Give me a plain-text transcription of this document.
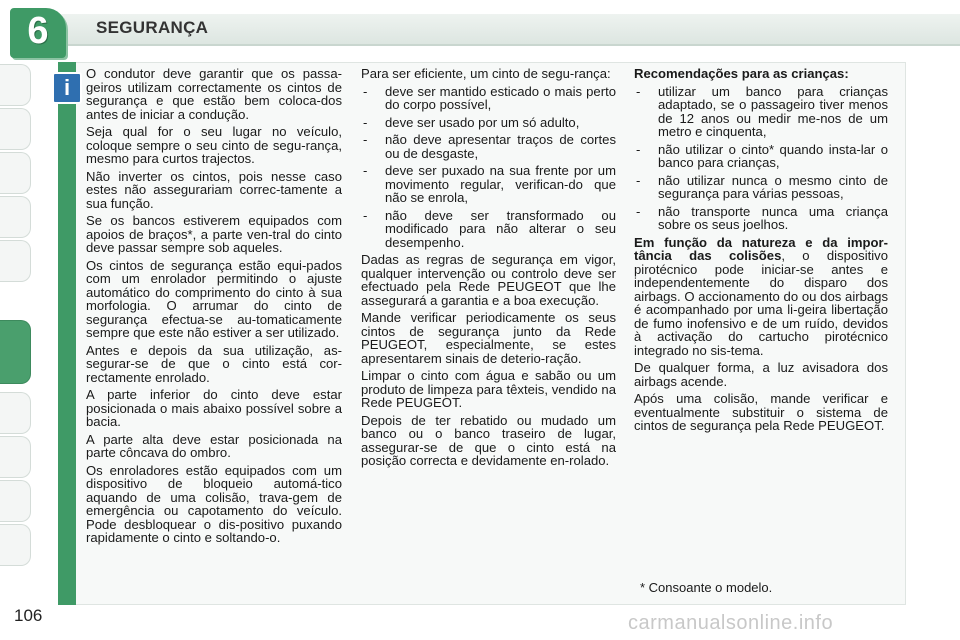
6	SEGURANÇA
i

O condutor deve garantir que os passa-geiros utilizam correctamente os cintos de segurança e que estão bem coloca-dos antes de iniciar a condução.

Seja qual for o seu lugar no veículo, coloque sempre o seu cinto de segu-rança, mesmo para curtos trajectos.

Não inverter os cintos, pois nesse caso estes não assegurariam correc-tamente a sua função.

Se os bancos estiverem equipados com apoios de braços*, a parte ven-tral do cinto deve passar sempre sob aqueles.

Os cintos de segurança estão equi-pados com um enrolador permitindo o ajuste automático do comprimento do cinto à sua morfologia. O arrumar do cinto de segurança efectua-se au-tomaticamente sempre que este não estiver a ser utilizado.

Antes e depois da sua utilização, as-segurar-se de que o cinto está cor-rectamente enrolado.

A parte inferior do cinto deve estar posicionada o mais abaixo possível sobre a bacia.

A parte alta deve estar posicionada na parte côncava do ombro.

Os enroladores estão equipados com um dispositivo de bloqueio automá-tico aquando de uma colisão, trava-gem de emergência ou capotamento do veículo. Pode desbloquear o dis-positivo puxando rapidamente o cinto e soltando-o.

Para ser eficiente, um cinto de segu-rança:

- deve ser mantido esticado o mais perto do corpo possível,
- deve ser usado por um só adulto,
- não deve apresentar traços de cortes ou de desgaste,
- deve ser puxado na sua frente por um movimento regular, verifican-do que não se enrola,
- não deve ser transformado ou modificado para não alterar o seu desempenho.

Dadas as regras de segurança em vigor, qualquer intervenção ou controlo deve ser efectuado pela Rede PEUGEOT que lhe assegurará a garantia e a boa execução.

Mande verificar periodicamente os seus cintos de segurança junto da Rede PEUGEOT, especialmente, se estes apresentarem sinais de deterio-ração.

Limpar o cinto com água e sabão ou um produto de limpeza para têxteis, vendido na Rede PEUGEOT.

Depois de ter rebatido ou mudado um banco ou o banco traseiro de lugar, assegurar-se de que o cinto está na posição correcta e devidamente en-rolado.

Recomendações para as crianças:

- utilizar um banco para crianças adaptado, se o passageiro tiver menos de 12 anos ou medir me-nos de um metro e cinquenta,
- não utilizar o cinto* quando insta-lar o banco para crianças,
- não utilizar nunca o mesmo cinto de segurança para várias pessoas,
- não transporte nunca uma criança sobre os seus joelhos.

Em função da natureza e da impor-tância das colisões, o dispositivo pirotécnico pode iniciar-se antes e independentemente do disparo dos airbags. O accionamento do ou dos airbags é acompanhado por uma li-geira libertação de fumo inofensivo e de um ruído, devidos à activação do cartucho pirotécnico integrado no sis-tema.

De qualquer forma, a luz avisadora dos airbags acende.

Após uma colisão, mande verificar e eventualmente substituir o sistema de cintos de segurança pela Rede PEUGEOT.

* Consoante o modelo.
106	carmanualsonline.info
